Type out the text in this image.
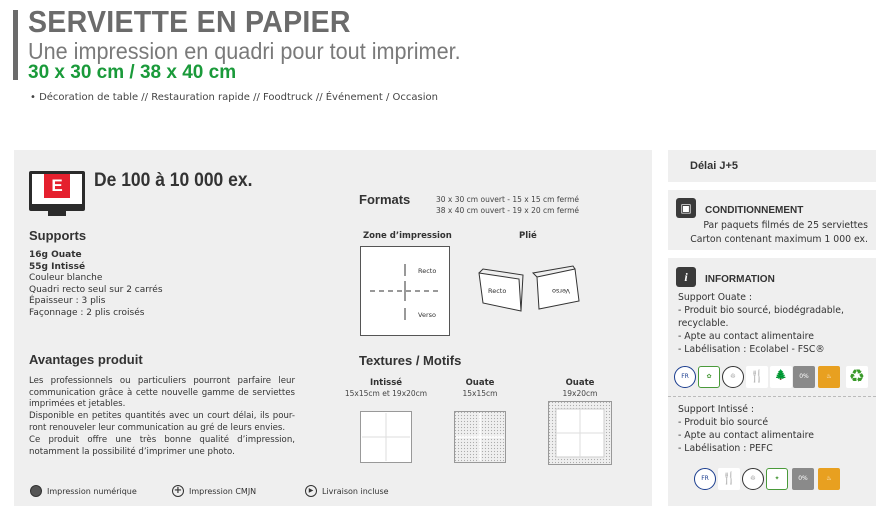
SERVIETTE EN PAPIER
Une impression en quadri pour tout imprimer.
30 x 30 cm / 38 x 40 cm
• Décoration de table // Restauration rapide // Foodtruck // Événement / Occasion
E	De 100 à 10 000 ex.
Supports
16g Ouate
55g Intissé
Couleur blanche
Quadri recto seul sur 2 carrés
Épaisseur : 3 plis
Façonnage : 2 plis croisés
Avantages produit
Les professionnels ou particuliers pourront parfaire leur communication grâce à cette nouvelle gamme de serviettes imprimées et jetables.
Disponible en petites quantités avec un court délai, ils pour-ront renouveler leur communication au gré de leurs envies.
Ce produit offre une très bonne qualité d’impression, notamment la possibilité d’imprimer une photo.
Formats	30 x 30 cm ouvert - 15 x 15 cm fermé
38 x 40 cm ouvert - 19 x 20 cm fermé
Zone d’impression	Plié
Recto
Verso
Recto	Verso
Textures / Motifs
Intissé
15x15cm et 19x20cm
Ouate
15x15cm
Ouate
19x20cm
Impression numérique	+ Impression CMJN	▶	Livraison incluse
Délai J+5
▣	CONDITIONNEMENT
Par paquets filmés de 25 serviettes
Carton contenant maximum 1 000 ex.
i	INFORMATION
Support Ouate :
- Produit bio sourcé, biodégradable,
recyclable.
- Apte au contact alimentaire
- Labélisation : Ecolabel - FSC®
FR	✿	♲	🍴	🌲	0%	♨ ♻
Support Intissé :
- Produit bio sourcé
- Apte au contact alimentaire
- Labélisation : PEFC
FR	🍴	♲	✦	0%	♨
